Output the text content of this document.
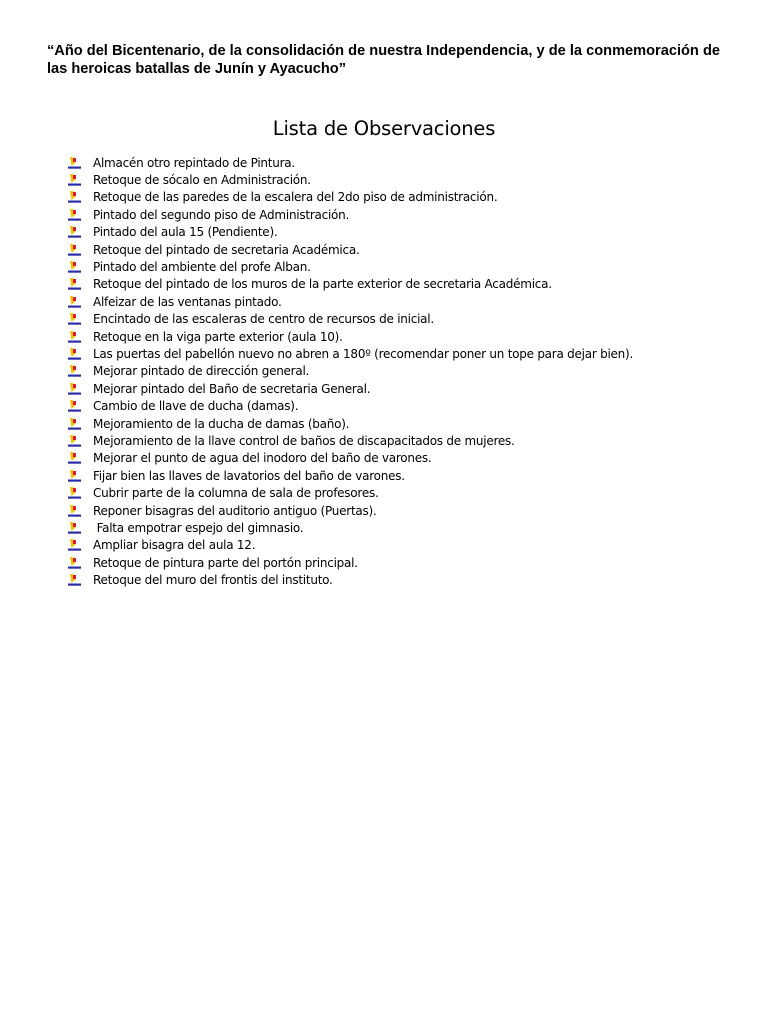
“Año del Bicentenario, de la consolidación de nuestra Independencia, y de la conmemoración de las heroicas batallas de Junín y Ayacucho”
Lista de Observaciones
Almacén otro repintado de Pintura.
Retoque de sócalo en Administración.
Retoque de las paredes de la escalera del 2do piso de administración.
Pintado del segundo piso de Administración.
Pintado del aula 15 (Pendiente).
Retoque del pintado de secretaria Académica.
Pintado del ambiente del profe Alban.
Retoque del pintado de los muros de la parte exterior de secretaria Académica.
Alfeizar de las ventanas pintado.
Encintado de las escaleras de centro de recursos de inicial.
Retoque en la viga parte exterior (aula 10).
Las puertas del pabellón nuevo no abren a 180º (recomendar poner un tope para dejar bien).
Mejorar pintado de dirección general.
Mejorar pintado del Baño de secretaria General.
Cambio de llave de ducha (damas).
Mejoramiento de la ducha de damas (baño).
Mejoramiento de la llave control de baños de discapacitados de mujeres.
Mejorar el punto de agua del inodoro del baño de varones.
Fijar bien las llaves de lavatorios del baño de varones.
Cubrir parte de la columna de sala de profesores.
Reponer bisagras del auditorio antiguo (Puertas).
Falta empotrar espejo del gimnasio.
Ampliar bisagra del aula 12.
Retoque de pintura parte del portón principal.
Retoque del muro del frontis del instituto.
